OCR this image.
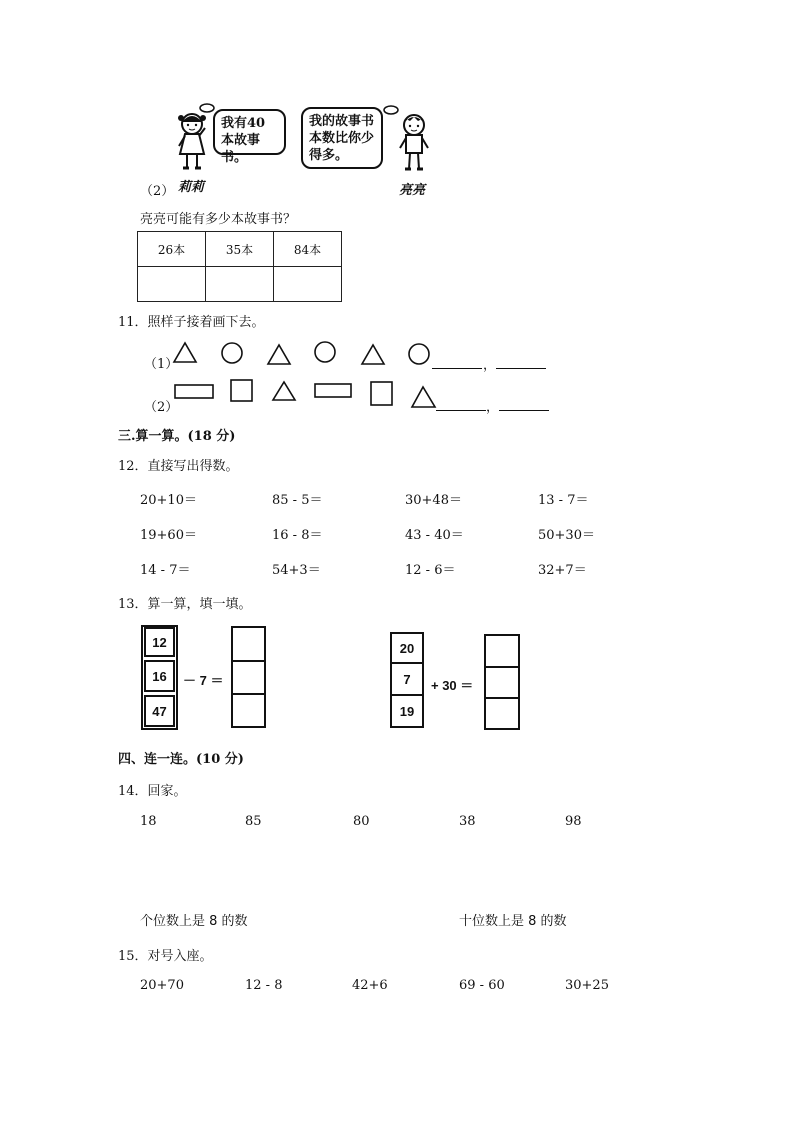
我有40本故事书。
我的故事书本数比你少得多。
（2） 莉莉	亮亮
亮亮可能有多少本故事书？
26本	35本	84本

11．照样子接着画下去。
（1）	，
（2）	，
三.算一算。(18 分)
12．直接写出得数。
20+10＝	85 - 5＝	30+48＝	13 - 7＝
19+60＝	16 - 8＝	43 - 40＝	50+30＝
14 - 7＝	54+3＝	12 - 6＝	32+7＝
13．算一算，填一填。
12
16
47
－ 7 ＝
20
7
19
+ 30 ＝
四、连一连。(10 分)
14．回家。
18	85	80	38	98
个位数上是 8 的数	十位数上是 8 的数
15．对号入座。
20+70	12 - 8	42+6	69 - 60	30+25
